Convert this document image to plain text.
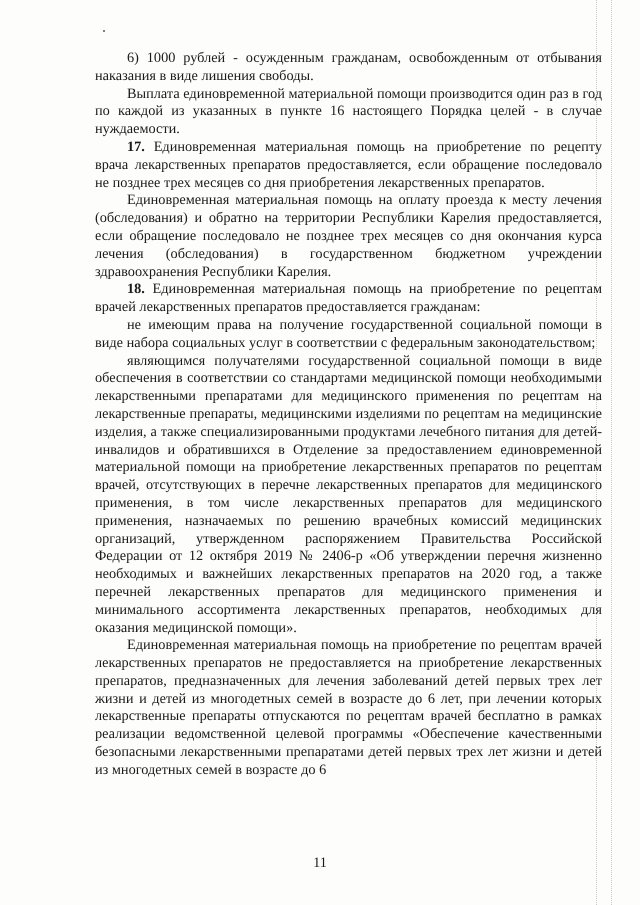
6) 1000 рублей - осужденным гражданам, освобожденным от отбывания наказания в виде лишения свободы.

Выплата единовременной материальной помощи производится один раз в год по каждой из указанных в пункте 16 настоящего Порядка целей - в случае нуждаемости.

17. Единовременная материальная помощь на приобретение по рецепту врача лекарственных препаратов предоставляется, если обращение последовало не позднее трех месяцев со дня приобретения лекарственных препаратов.

Единовременная материальная помощь на оплату проезда к месту лечения (обследования) и обратно на территории Республики Карелия предоставляется, если обращение последовало не позднее трех месяцев со дня окончания курса лечения (обследования) в государственном бюджетном учреждении здравоохранения Республики Карелия.

18. Единовременная материальная помощь на приобретение по рецептам врачей лекарственных препаратов предоставляется гражданам:

не имеющим права на получение государственной социальной помощи в виде набора социальных услуг в соответствии с федеральным законодательством;

являющимся получателями государственной социальной помощи в виде обеспечения в соответствии со стандартами медицинской помощи необходимыми лекарственными препаратами для медицинского применения по рецептам на лекарственные препараты, медицинскими изделиями по рецептам на медицинские изделия, а также специализированными продуктами лечебного питания для детей-инвалидов и обратившихся в Отделение за предоставлением единовременной материальной помощи на приобретение лекарственных препаратов по рецептам врачей, отсутствующих в перечне лекарственных препаратов для медицинского применения, в том числе лекарственных препаратов для медицинского применения, назначаемых по решению врачебных комиссий медицинских организаций, утвержденном распоряжением Правительства Российской Федерации от 12 октября 2019 № 2406-р «Об утверждении перечня жизненно необходимых и важнейших лекарственных препаратов на 2020 год, а также перечней лекарственных препаратов для медицинского применения и минимального ассортимента лекарственных препаратов, необходимых для оказания медицинской помощи».

Единовременная материальная помощь на приобретение по рецептам врачей лекарственных препаратов не предоставляется на приобретение лекарственных препаратов, предназначенных для лечения заболеваний детей первых трех лет жизни и детей из многодетных семей в возрасте до 6 лет, при лечении которых лекарственные препараты отпускаются по рецептам врачей бесплатно в рамках реализации ведомственной целевой программы «Обеспечение качественными безопасными лекарственными препаратами детей первых трех лет жизни и детей из многодетных семей в возрасте до 6

11
